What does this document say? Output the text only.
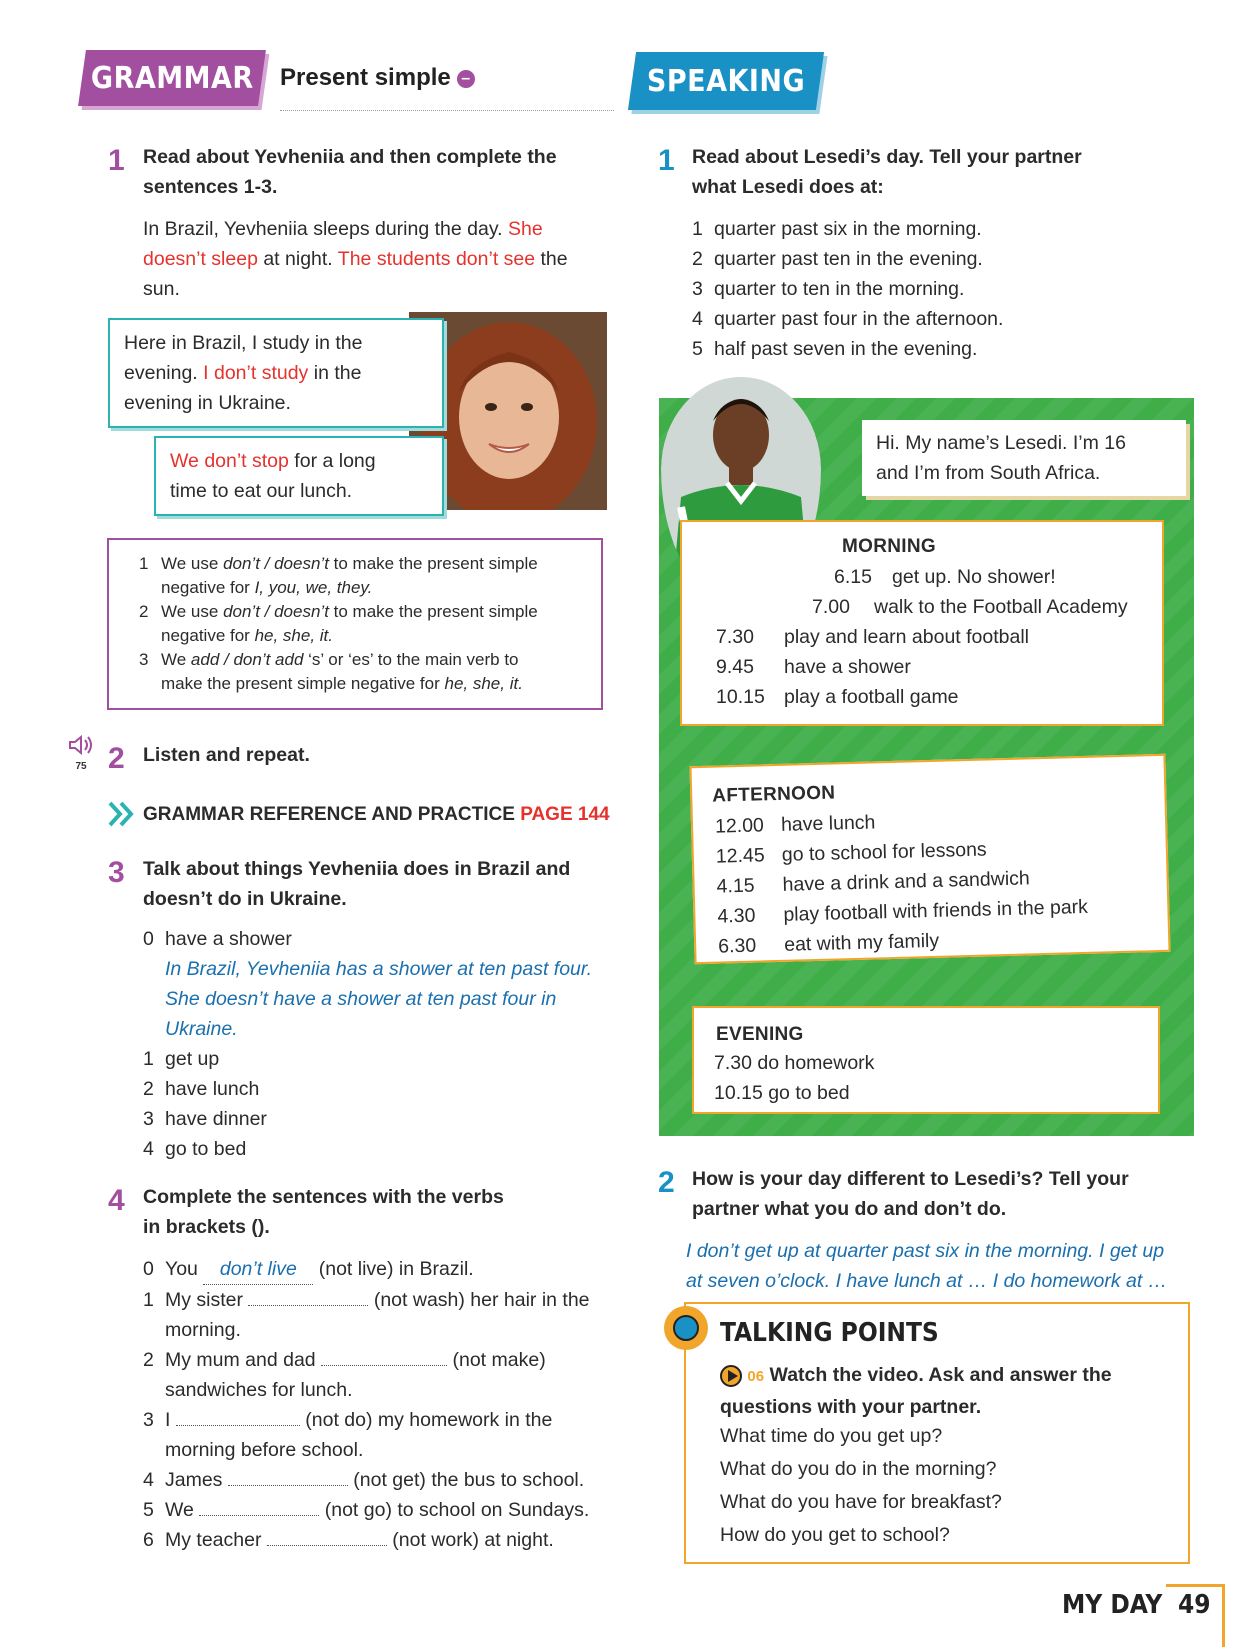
GRAMMAR Present simple –
1 Read about Yevheniia and then complete the
sentences 1-3.
In Brazil, Yevheniia sleeps during the day. She
doesn’t sleep at night. The students don’t see the
sun.
Here in Brazil, I study in the
evening. I don’t study in the
evening in Ukraine.
We don’t stop for a long
time to eat our lunch.
1 We use don’t / doesn’t to make the present simple
negative for I, you, we, they.
2 We use don’t / doesn’t to make the present simple
negative for he, she, it.
3 We add / don’t add ‘s’ or ‘es’ to the main verb to
make the present simple negative for he, she, it.
75 2 Listen and repeat.
GRAMMAR REFERENCE AND PRACTICE PAGE 144
3 Talk about things Yevheniia does in Brazil and
doesn’t do in Ukraine.
0 have a shower
In Brazil, Yevheniia has a shower at ten past four.
She doesn’t have a shower at ten past four in
Ukraine.
1 get up
2 have lunch
3 have dinner
4 go to bed
4 Complete the sentences with the verbs
in brackets ().
0 You don’t live (not live) in Brazil.
1 My sister	(not wash) her hair in the
morning.
2 My mum and dad	(not make)
sandwiches for lunch.
3 I	(not do) my homework in the
morning before school.
4 James	(not get) the bus to school.
5 We	(not go) to school on Sundays.
6 My teacher	(not work) at night.
SPEAKING
1 Read about Lesedi’s day. Tell your partner
what Lesedi does at:
1 quarter past six in the morning.
2 quarter past ten in the evening.
3 quarter to ten in the morning.
4 quarter past four in the afternoon.
5 half past seven in the evening.
Hi. My name’s Lesedi. I’m 16
and I’m from South Africa.
MORNING
6.15 get up. No shower!
7.00 walk to the Football Academy
7.30 play and learn about football
9.45 have a shower
10.15 play a football game
AFTERNOON
12.00 have lunch
12.45 go to school for lessons
4.15 have a drink and a sandwich
4.30 play football with friends in the park
6.30 eat with my family
EVENING
7.30 do homework
10.15 go to bed
2 How is your day different to Lesedi’s? Tell your
partner what you do and don’t do.
I don’t get up at quarter past six in the morning. I get up
at seven o’clock. I have lunch at … I do homework at …
TALKING POINTS
06 Watch the video. Ask and answer the
questions with your partner.
What time do you get up?
What do you do in the morning?
What do you have for breakfast?
How do you get to school?
MY DAY 49
